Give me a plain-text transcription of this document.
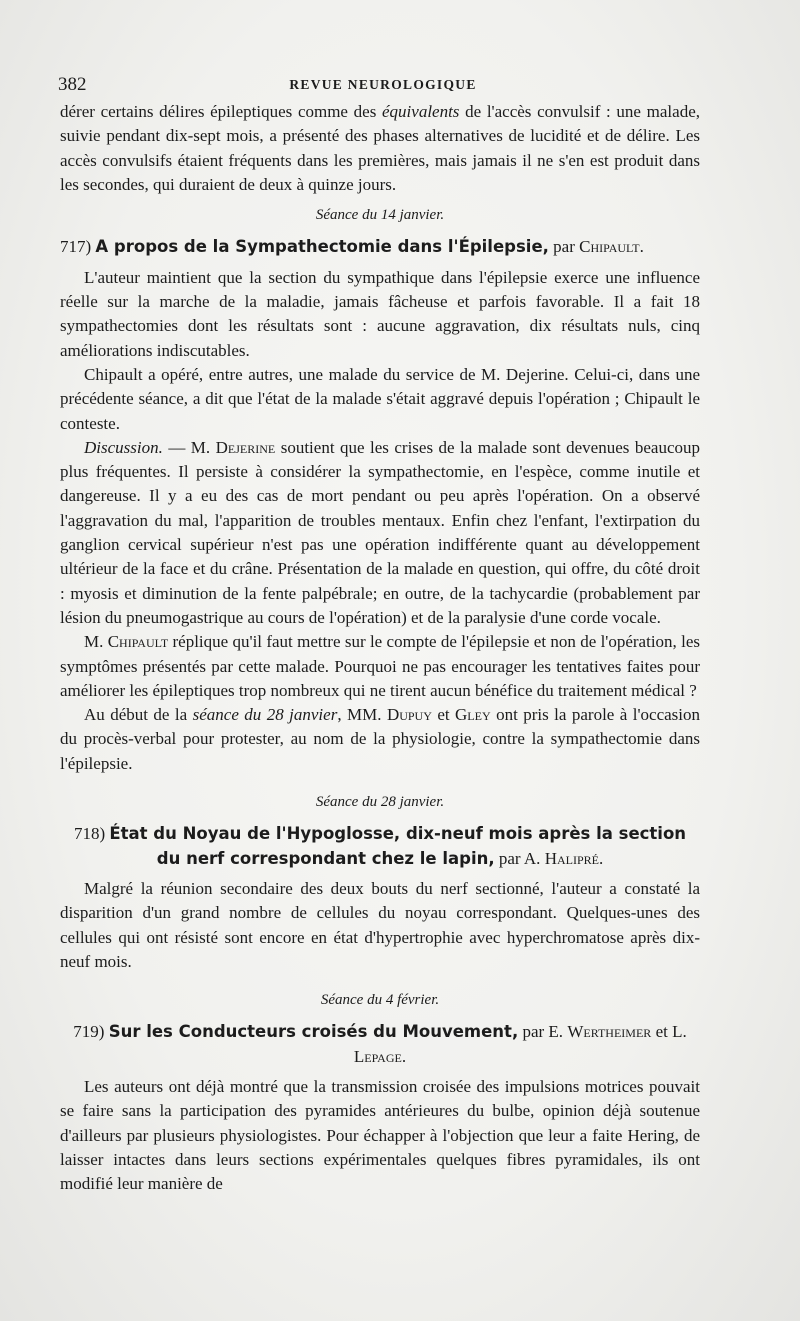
382	REVUE NEUROLOGIQUE

dérer certains délires épileptiques comme des équivalents de l'accès convulsif : une malade, suivie pendant dix-sept mois, a présenté des phases alternatives de lucidité et de délire. Les accès convulsifs étaient fréquents dans les premières, mais jamais il ne s'en est produit dans les secondes, qui duraient de deux à quinze jours.

Séance du 14 janvier.
717) A propos de la Sympathectomie dans l'Épilepsie, par Chipault.

L'auteur maintient que la section du sympathique dans l'épilepsie exerce une influence réelle sur la marche de la maladie, jamais fâcheuse et parfois favorable. Il a fait 18 sympathectomies dont les résultats sont : aucune aggravation, dix résultats nuls, cinq améliorations indiscutables.

Chipault a opéré, entre autres, une malade du service de M. Dejerine. Celui-ci, dans une précédente séance, a dit que l'état de la malade s'était aggravé depuis l'opération ; Chipault le conteste.

Discussion. — M. Dejerine soutient que les crises de la malade sont devenues beaucoup plus fréquentes. Il persiste à considérer la sympathectomie, en l'espèce, comme inutile et dangereuse. Il y a eu des cas de mort pendant ou peu après l'opération. On a observé l'aggravation du mal, l'apparition de troubles mentaux. Enfin chez l'enfant, l'extirpation du ganglion cervical supérieur n'est pas une opération indifférente quant au développement ultérieur de la face et du crâne. Présentation de la malade en question, qui offre, du côté droit : myosis et diminution de la fente palpébrale; en outre, de la tachycardie (probablement par lésion du pneumogastrique au cours de l'opération) et de la paralysie d'une corde vocale.

M. Chipault réplique qu'il faut mettre sur le compte de l'épilepsie et non de l'opération, les symptômes présentés par cette malade. Pourquoi ne pas encourager les tentatives faites pour améliorer les épileptiques trop nombreux qui ne tirent aucun bénéfice du traitement médical ?

Au début de la séance du 28 janvier, MM. Dupuy et Gley ont pris la parole à l'occasion du procès-verbal pour protester, au nom de la physiologie, contre la sympathectomie dans l'épilepsie.

Séance du 28 janvier.
718) État du Noyau de l'Hypoglosse, dix-neuf mois après la section
du nerf correspondant chez le lapin, par A. Halipré.

Malgré la réunion secondaire des deux bouts du nerf sectionné, l'auteur a constaté la disparition d'un grand nombre de cellules du noyau correspondant. Quelques-unes des cellules qui ont résisté sont encore en état d'hypertrophie avec hyperchromatose après dix-neuf mois.

Séance du 4 février.
719) Sur les Conducteurs croisés du Mouvement, par E. Wertheimer et L. Lepage.

Les auteurs ont déjà montré que la transmission croisée des impulsions motrices pouvait se faire sans la participation des pyramides antérieures du bulbe, opinion déjà soutenue d'ailleurs par plusieurs physiologistes. Pour échapper à l'objection que leur a faite Hering, de laisser intactes dans leurs sections expérimentales quelques fibres pyramidales, ils ont modifié leur manière de
